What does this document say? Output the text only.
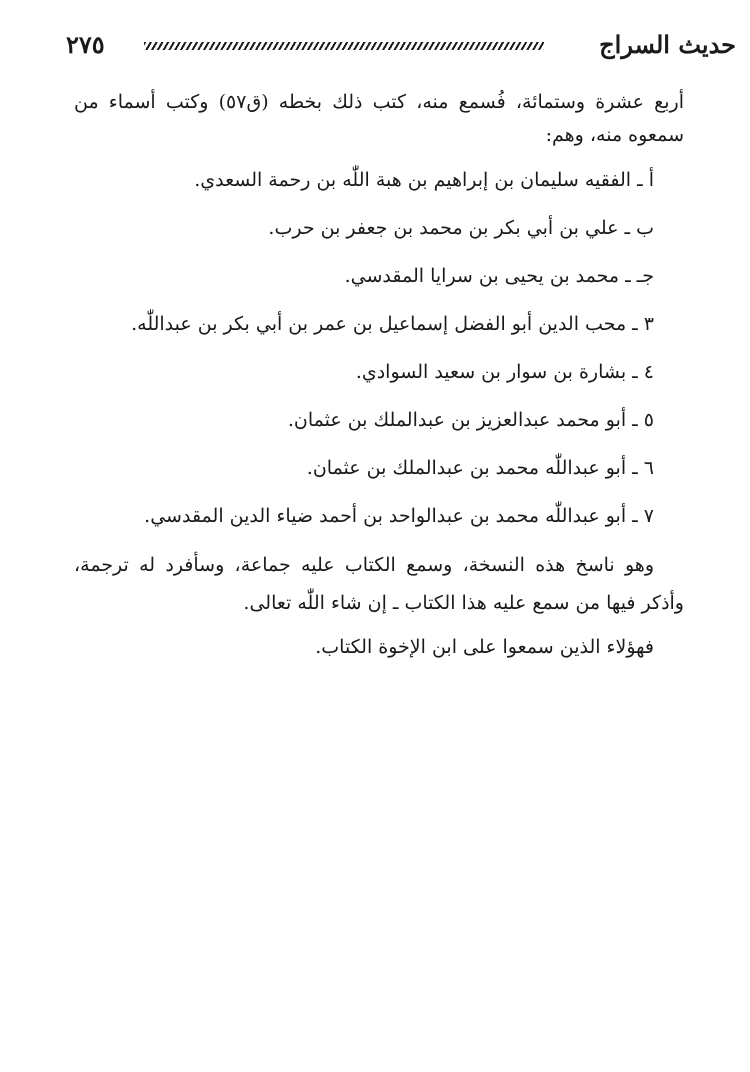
٢٧٥	حديث السراج

أربع عشرة وستمائة، فُسمع منه، كتب ذلك بخطه (ق٥٧) وكتب أسماء من سمعوه منه، وهم:

أ ـ الفقيه سليمان بن إبراهيم بن هبة اللّٰه بن رحمة السعدي.
ب ـ علي بن أبي بكر بن محمد بن جعفر بن حرب.
جـ ـ محمد بن يحيى بن سرايا المقدسي.
٣ ـ محب الدين أبو الفضل إسماعيل بن عمر بن أبي بكر بن عبداللّٰه.
٤ ـ بشارة بن سوار بن سعيد السوادي.
٥ ـ أبو محمد عبدالعزيز بن عبدالملك بن عثمان.
٦ ـ أبو عبداللّٰه محمد بن عبدالملك بن عثمان.
٧ ـ أبو عبداللّٰه محمد بن عبدالواحد بن أحمد ضياء الدين المقدسي.

وهو ناسخ هذه النسخة، وسمع الكتاب عليه جماعة، وسأفرد له ترجمة، وأذكر فيها من سمع عليه هذا الكتاب ـ إن شاء اللّٰه تعالى.

فهؤلاء الذين سمعوا على ابن الإخوة الكتاب.
